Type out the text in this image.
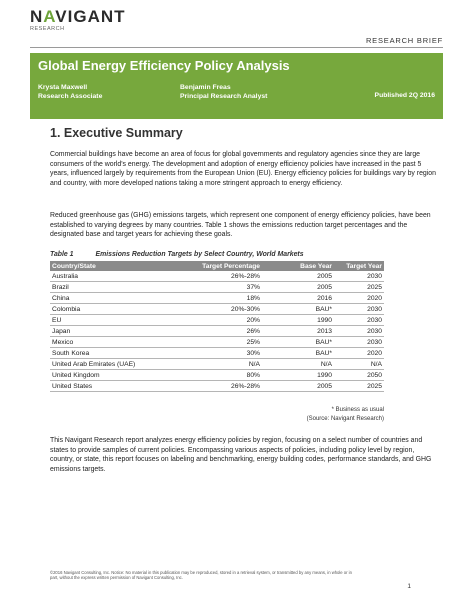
NAVIGANT
RESEARCH
RESEARCH BRIEF
Global Energy Efficiency Policy Analysis
Krysta Maxwell
Research Associate
Benjamin Freas
Principal Research Analyst	Published 2Q 2016
1. Executive Summary

Commercial buildings have become an area of focus for global governments and regulatory agencies since they are large consumers of the world's energy. The development and adoption of energy efficiency policies have increased in the past 5 years, influenced largely by requirements from the European Union (EU). Energy efficiency policies for buildings vary by region and country, with more developed nations taking a more stringent approach to energy efficiency.

Reduced greenhouse gas (GHG) emissions targets, which represent one component of energy efficiency policies, have been established to varying degrees by many countries. Table 1 shows the emissions reduction target percentages and the designated base and target years for achieving these goals.

Table 1	Emissions Reduction Targets by Select Country, World Markets
Country/State	Target Percentage	Base Year	Target Year
Australia	26%-28%	2005	2030
Brazil	37%	2005	2025
China	18%	2016	2020
Colombia	20%-30%	BAU*	2030
EU	20%	1990	2030
Japan	26%	2013	2030
Mexico	25%	BAU*	2030
South Korea	30%	BAU*	2020
United Arab Emirates (UAE)	N/A	N/A	N/A
United Kingdom	80%	1990	2050
United States	26%-28%	2005	2025
* Business as usual
(Source: Navigant Research)

This Navigant Research report analyzes energy efficiency policies by region, focusing on a select number of countries and states to provide samples of current policies. Encompassing various aspects of policies, including policy level by region, country, or state, this report focuses on labeling and benchmarking, energy building codes, performance standards, and GHG emissions targets.

©2016 Navigant Consulting, Inc. Notice: No material in this publication may be reproduced, stored in a retrieval system, or transmitted by any means, in whole or in part, without the express written permission of Navigant Consulting, Inc.
1
